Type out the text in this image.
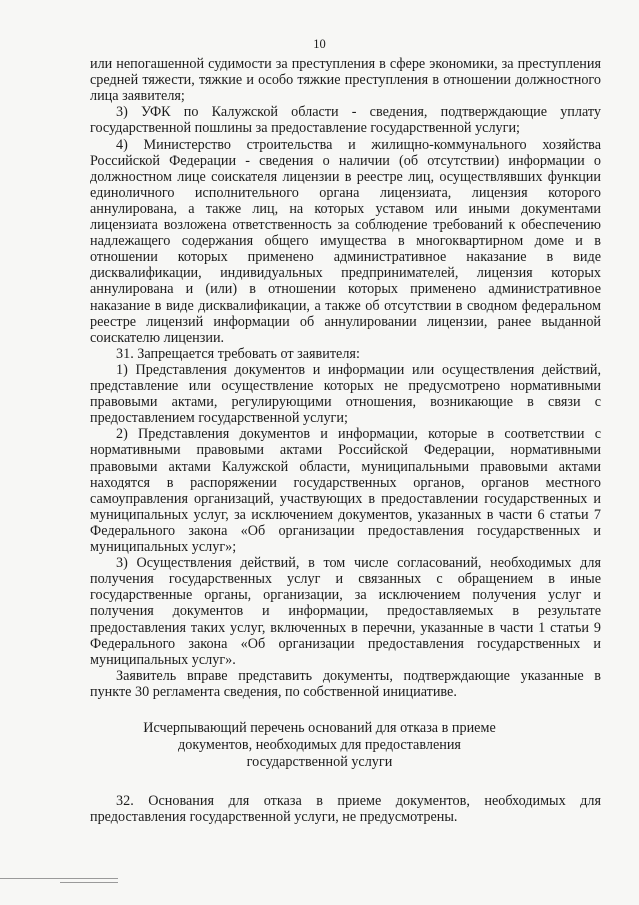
10
или непогашенной судимости за преступления в сфере экономики, за преступления
средней тяжести, тяжкие и особо тяжкие преступления в отношении должностного
лица заявителя;
3) УФК по Калужской области - сведения, подтверждающие уплату
государственной пошлины за предоставление государственной услуги;
4) Министерство строительства и жилищно-коммунального хозяйства
Российской Федерации - сведения о наличии (об отсутствии) информации о
должностном лице соискателя лицензии в реестре лиц, осуществлявших функции
единоличного исполнительного органа лицензиата, лицензия которого
аннулирована, а также лиц, на которых уставом или иными документами
лицензиата возложена ответственность за соблюдение требований к обеспечению
надлежащего содержания общего имущества в многоквартирном доме и в
отношении которых применено административное наказание в виде
дисквалификации, индивидуальных предпринимателей, лицензия которых
аннулирована и (или) в отношении которых применено административное
наказание в виде дисквалификации, а также об отсутствии в сводном федеральном
реестре лицензий информации об аннулировании лицензии, ранее выданной
соискателю лицензии.
31. Запрещается требовать от заявителя:
1) Представления документов и информации или осуществления действий,
представление или осуществление которых не предусмотрено нормативными
правовыми актами, регулирующими отношения, возникающие в связи с
предоставлением государственной услуги;
2) Представления документов и информации, которые в соответствии с
нормативными правовыми актами Российской Федерации, нормативными
правовыми актами Калужской области, муниципальными правовыми актами
находятся в распоряжении государственных органов, органов местного
самоуправления организаций, участвующих в предоставлении государственных и
муниципальных услуг, за исключением документов, указанных в части 6 статьи 7
Федерального закона «Об организации предоставления государственных и
муниципальных услуг»;
3) Осуществления действий, в том числе согласований, необходимых для
получения государственных услуг и связанных с обращением в иные
государственные органы, организации, за исключением получения услуг и
получения документов и информации, предоставляемых в результате
предоставления таких услуг, включенных в перечни, указанные в части 1 статьи 9
Федерального закона «Об организации предоставления государственных и
муниципальных услуг».
Заявитель вправе представить документы, подтверждающие указанные в
пункте 30 регламента сведения, по собственной инициативе.
Исчерпывающий перечень оснований для отказа в приеме
документов, необходимых для предоставления
государственной услуги
32. Основания для отказа в приеме документов, необходимых для
предоставления государственной услуги, не предусмотрены.
